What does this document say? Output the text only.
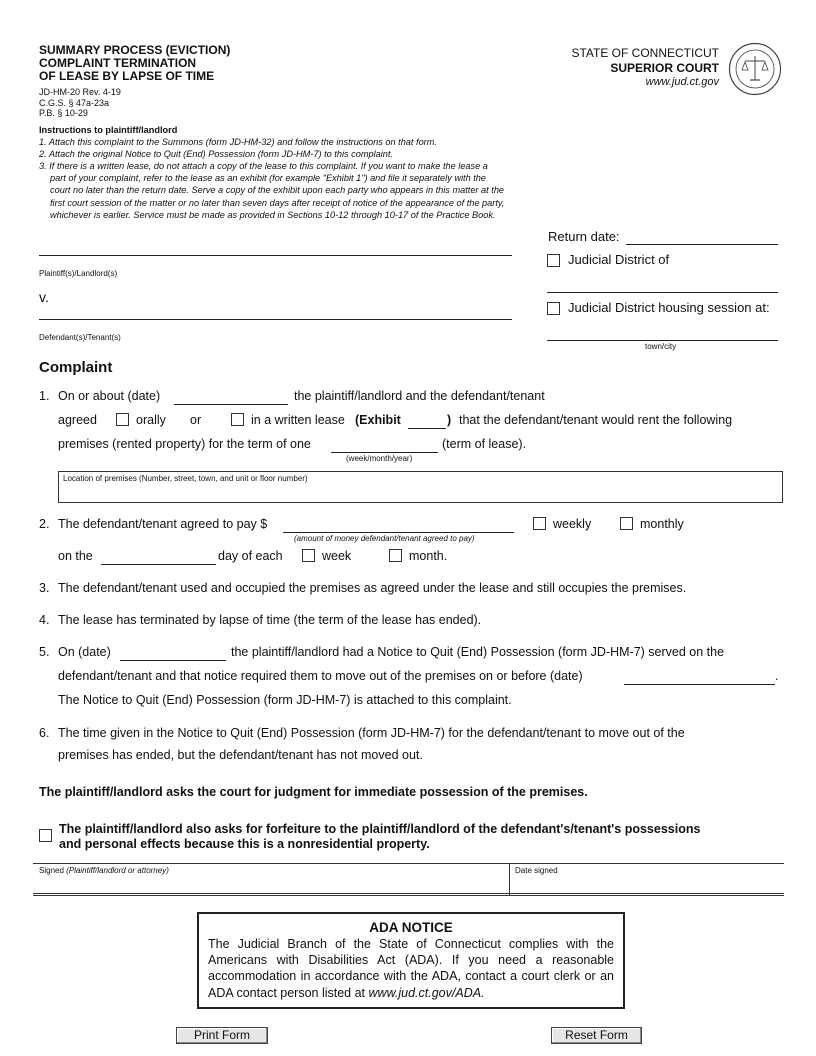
SUMMARY PROCESS (EVICTION)
COMPLAINT TERMINATION
OF LEASE BY LAPSE OF TIME
JD-HM-20 Rev. 4-19
C.G.S. § 47a-23a
P.B. § 10-29
STATE OF CONNECTICUT
SUPERIOR COURT
www.jud.ct.gov
Instructions to plaintiff/landlord
1. Attach this complaint to the Summons (form JD-HM-32) and follow the instructions on that form.
2. Attach the original Notice to Quit (End) Possession (form JD-HM-7) to this complaint.
3. If there is a written lease, do not attach a copy of the lease to this complaint. If you want to make the lease a
part of your complaint, refer to the lease as an exhibit (for example "Exhibit 1") and file it separately with the
court no later than the return date. Serve a copy of the exhibit upon each party who appears in this matter at the
first court session of the matter or no later than seven days after receipt of notice of the appearance of the party,
whichever is earlier. Service must be made as provided in Sections 10-12 through 10-17 of the Practice Book.
Plaintiff(s)/Landlord(s)
v.
Defendant(s)/Tenant(s)
Return date:
Judicial District of
Judicial District housing session at:
town/city
Complaint
1. On or about (date)	the plaintiff/landlord and the defendant/tenant
agreed	orally or	in a written lease (Exhibit	) that the defendant/tenant would rent the following
premises (rented property) for the term of one	(term of lease).
(week/month/year)
Location of premises (Number, street, town, and unit or floor number)
2. The defendant/tenant agreed to pay $
(amount of money defendant/tenant agreed to pay)
weekly	monthly
on the	day of each	week	month.
3. The defendant/tenant used and occupied the premises as agreed under the lease and still occupies the premises.
4. The lease has terminated by lapse of time (the term of the lease has ended).
5. On (date)	the plaintiff/landlord had a Notice to Quit (End) Possession (form JD-HM-7) served on the
defendant/tenant and that notice required them to move out of the premises on or before (date)	.
The Notice to Quit (End) Possession (form JD-HM-7) is attached to this complaint.
6. The time given in the Notice to Quit (End) Possession (form JD-HM-7) for the defendant/tenant to move out of the
premises has ended, but the defendant/tenant has not moved out.
The plaintiff/landlord asks the court for judgment for immediate possession of the premises.
The plaintiff/landlord also asks for forfeiture to the plaintiff/landlord of the defendant's/tenant's possessions
and personal effects because this is a nonresidential property.
Signed (Plaintiff/landlord or attorney)	Date signed
ADA NOTICE
The Judicial Branch of the State of Connecticut complies with the Americans with Disabilities Act (ADA). If you need a reasonable accommodation in accordance with the ADA, contact a court clerk or an ADA contact person listed at www.jud.ct.gov/ADA.
Print Form	Reset Form
